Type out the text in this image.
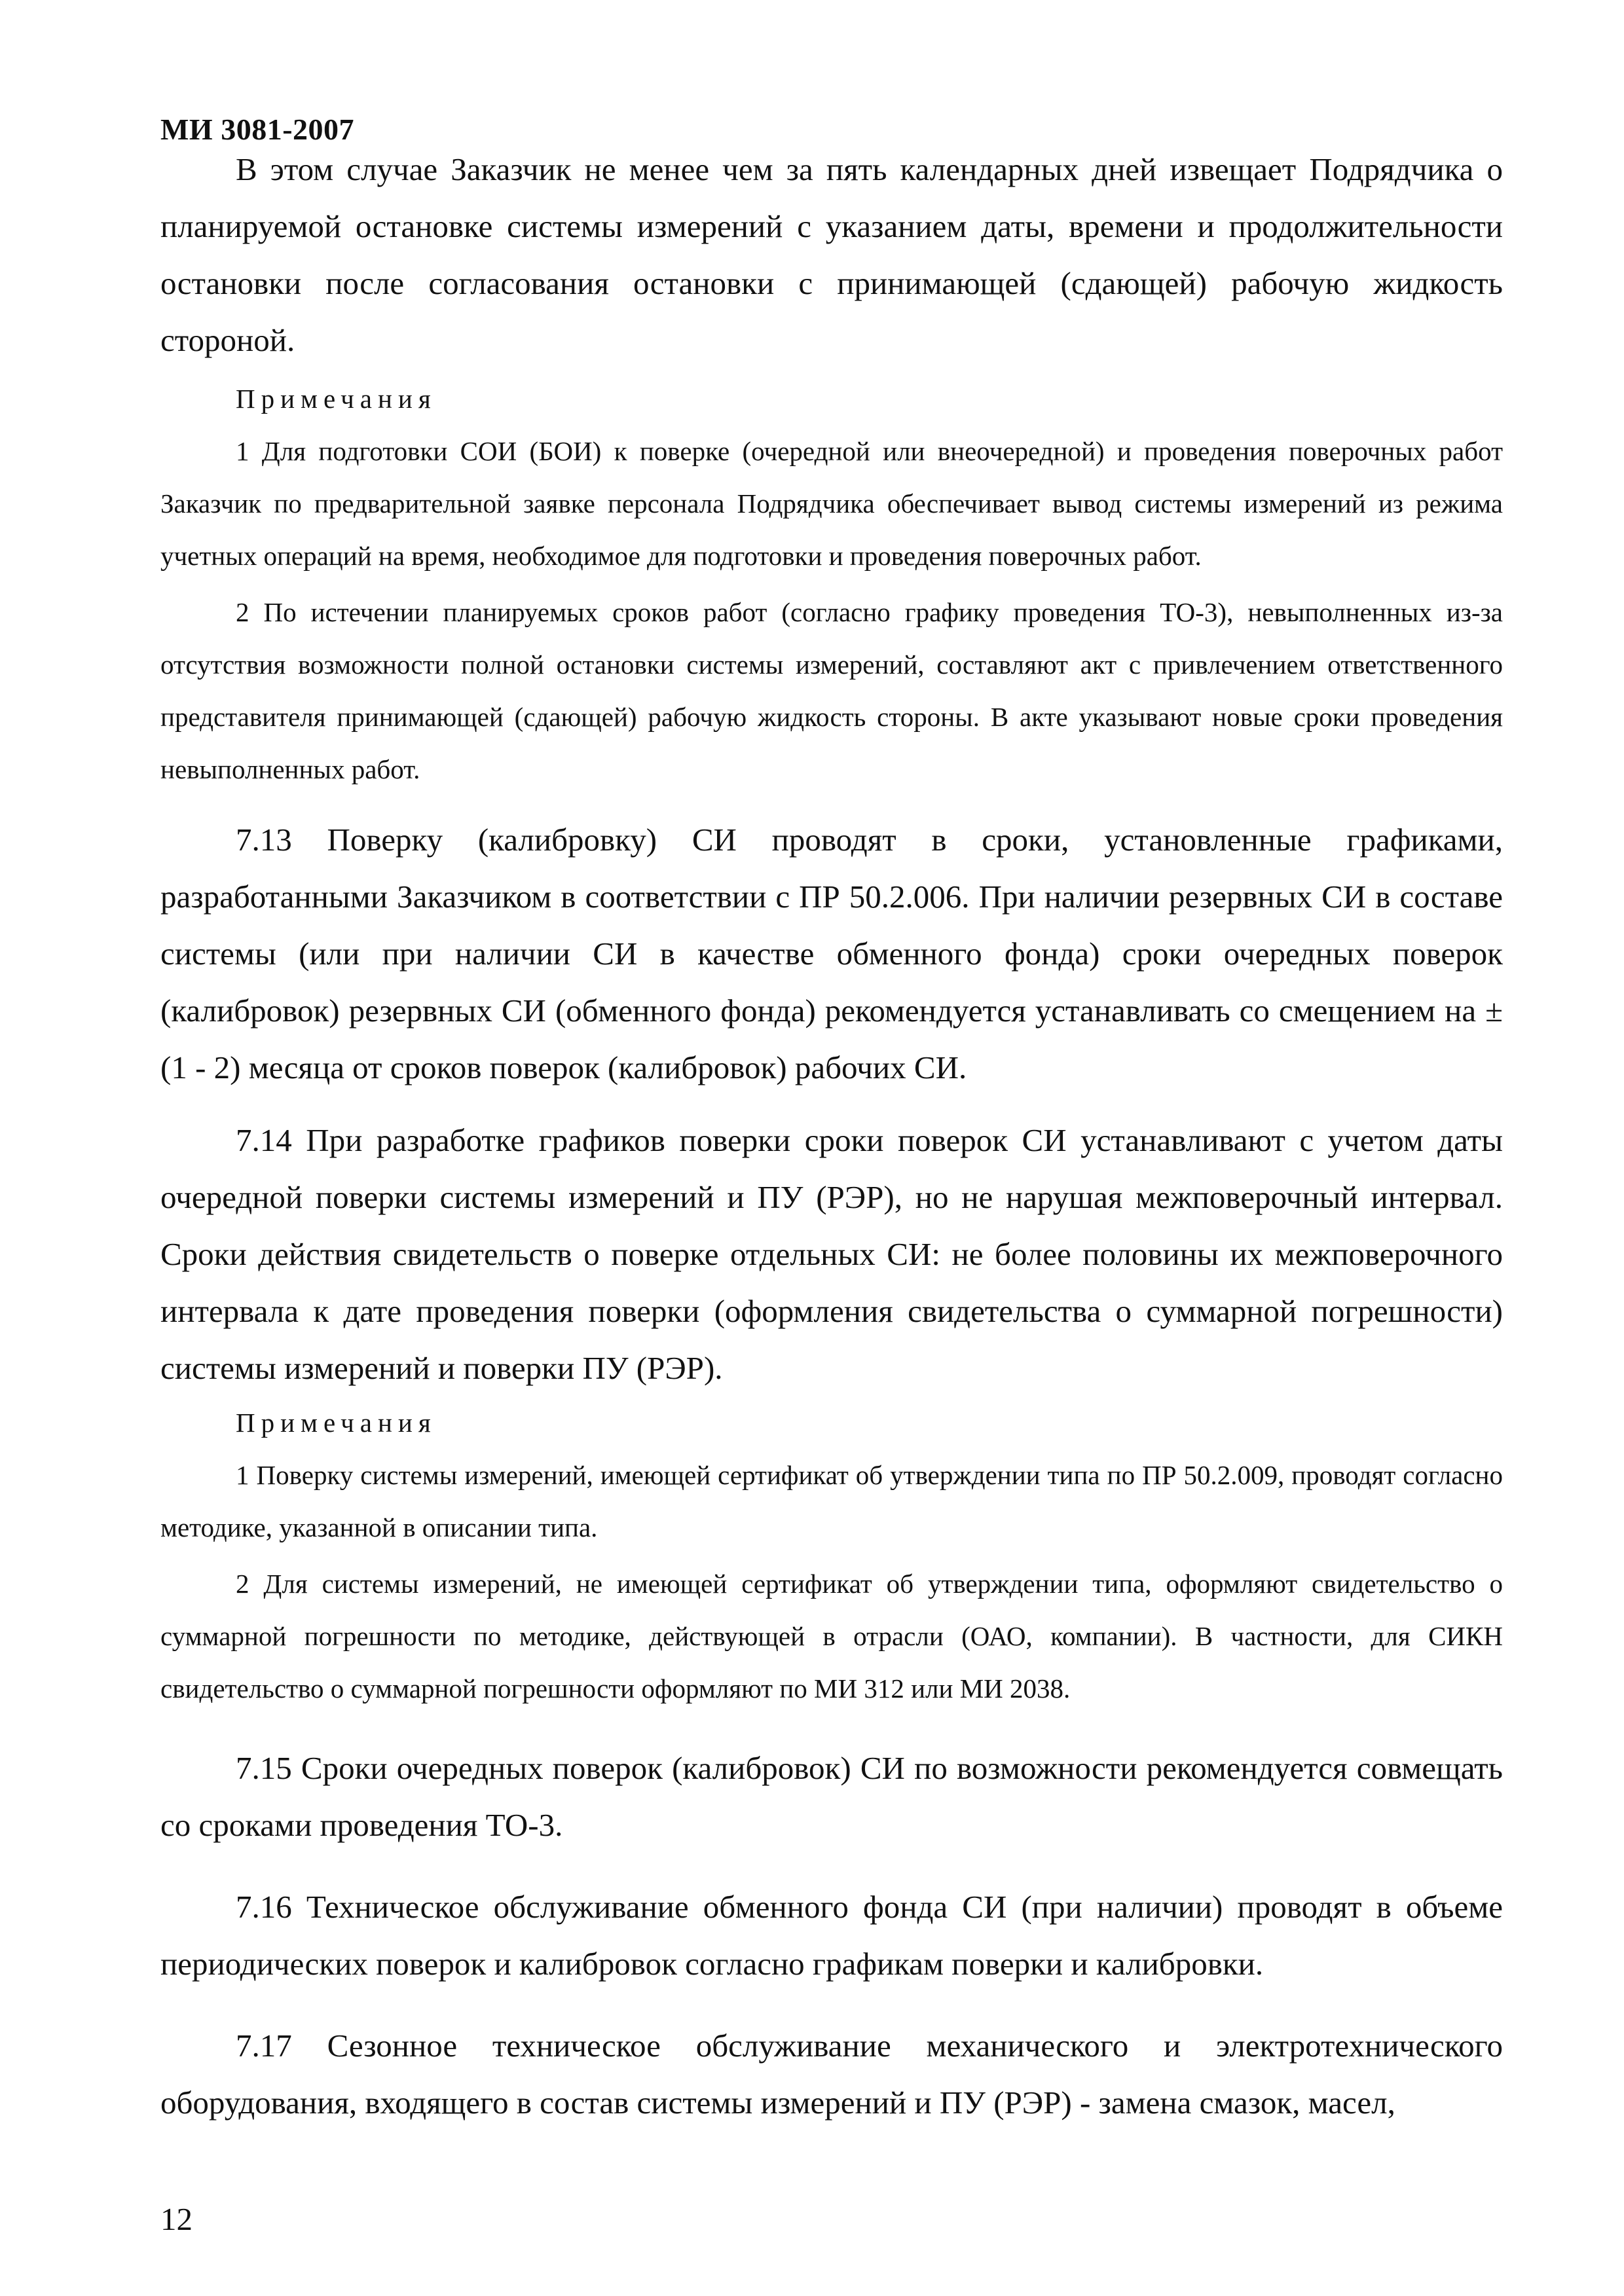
МИ 3081-2007

В этом случае Заказчик не менее чем за пять календарных дней извещает Подрядчика о планируемой остановке системы измерений с указанием даты, времени и продолжительности остановки после согласования остановки с принимающей (сдающей) рабочую жидкость стороной.

Примечания

1 Для подготовки СОИ (БОИ) к поверке (очередной или внеочередной) и проведения поверочных работ Заказчик по предварительной заявке персонала Подрядчика обеспечивает вывод системы измерений из режима учетных операций на время, необходимое для подготовки и проведения поверочных работ.

2 По истечении планируемых сроков работ (согласно графику проведения ТО-3), невыполненных из-за отсутствия возможности полной остановки системы измерений, составляют акт с привлечением ответственного представителя принимающей (сдающей) рабочую жидкость стороны. В акте указывают новые сроки проведения невыполненных работ.

7.13 Поверку (калибровку) СИ проводят в сроки, установленные графиками, разработанными Заказчиком в соответствии с ПР 50.2.006. При наличии резервных СИ в составе системы (или при наличии СИ в качестве обменного фонда) сроки очередных поверок (калибровок) резервных СИ (обменного фонда) рекомендуется устанавливать со смещением на ± (1 - 2) месяца от сроков поверок (калибровок) рабочих СИ.

7.14 При разработке графиков поверки сроки поверок СИ устанавливают с учетом даты очередной поверки системы измерений и ПУ (РЭР), но не нарушая межповерочный интервал. Сроки действия свидетельств о поверке отдельных СИ: не более половины их межповерочного интервала к дате проведения поверки (оформления свидетельства о суммарной погрешности) системы измерений и поверки ПУ (РЭР).

Примечания

1 Поверку системы измерений, имеющей сертификат об утверждении типа по ПР 50.2.009, проводят согласно методике, указанной в описании типа.

2 Для системы измерений, не имеющей сертификат об утверждении типа, оформляют свидетельство о суммарной погрешности по методике, действующей в отрасли (ОАО, компании). В частности, для СИКН свидетельство о суммарной погрешности оформляют по МИ 312 или МИ 2038.

7.15 Сроки очередных поверок (калибровок) СИ по возможности рекомендуется совмещать со сроками проведения ТО-3.

7.16 Техническое обслуживание обменного фонда СИ (при наличии) проводят в объеме периодических поверок и калибровок согласно графикам поверки и калибровки.

7.17 Сезонное техническое обслуживание механического и электротехнического оборудования, входящего в состав системы измерений и ПУ (РЭР) - замена смазок, масел,

12
